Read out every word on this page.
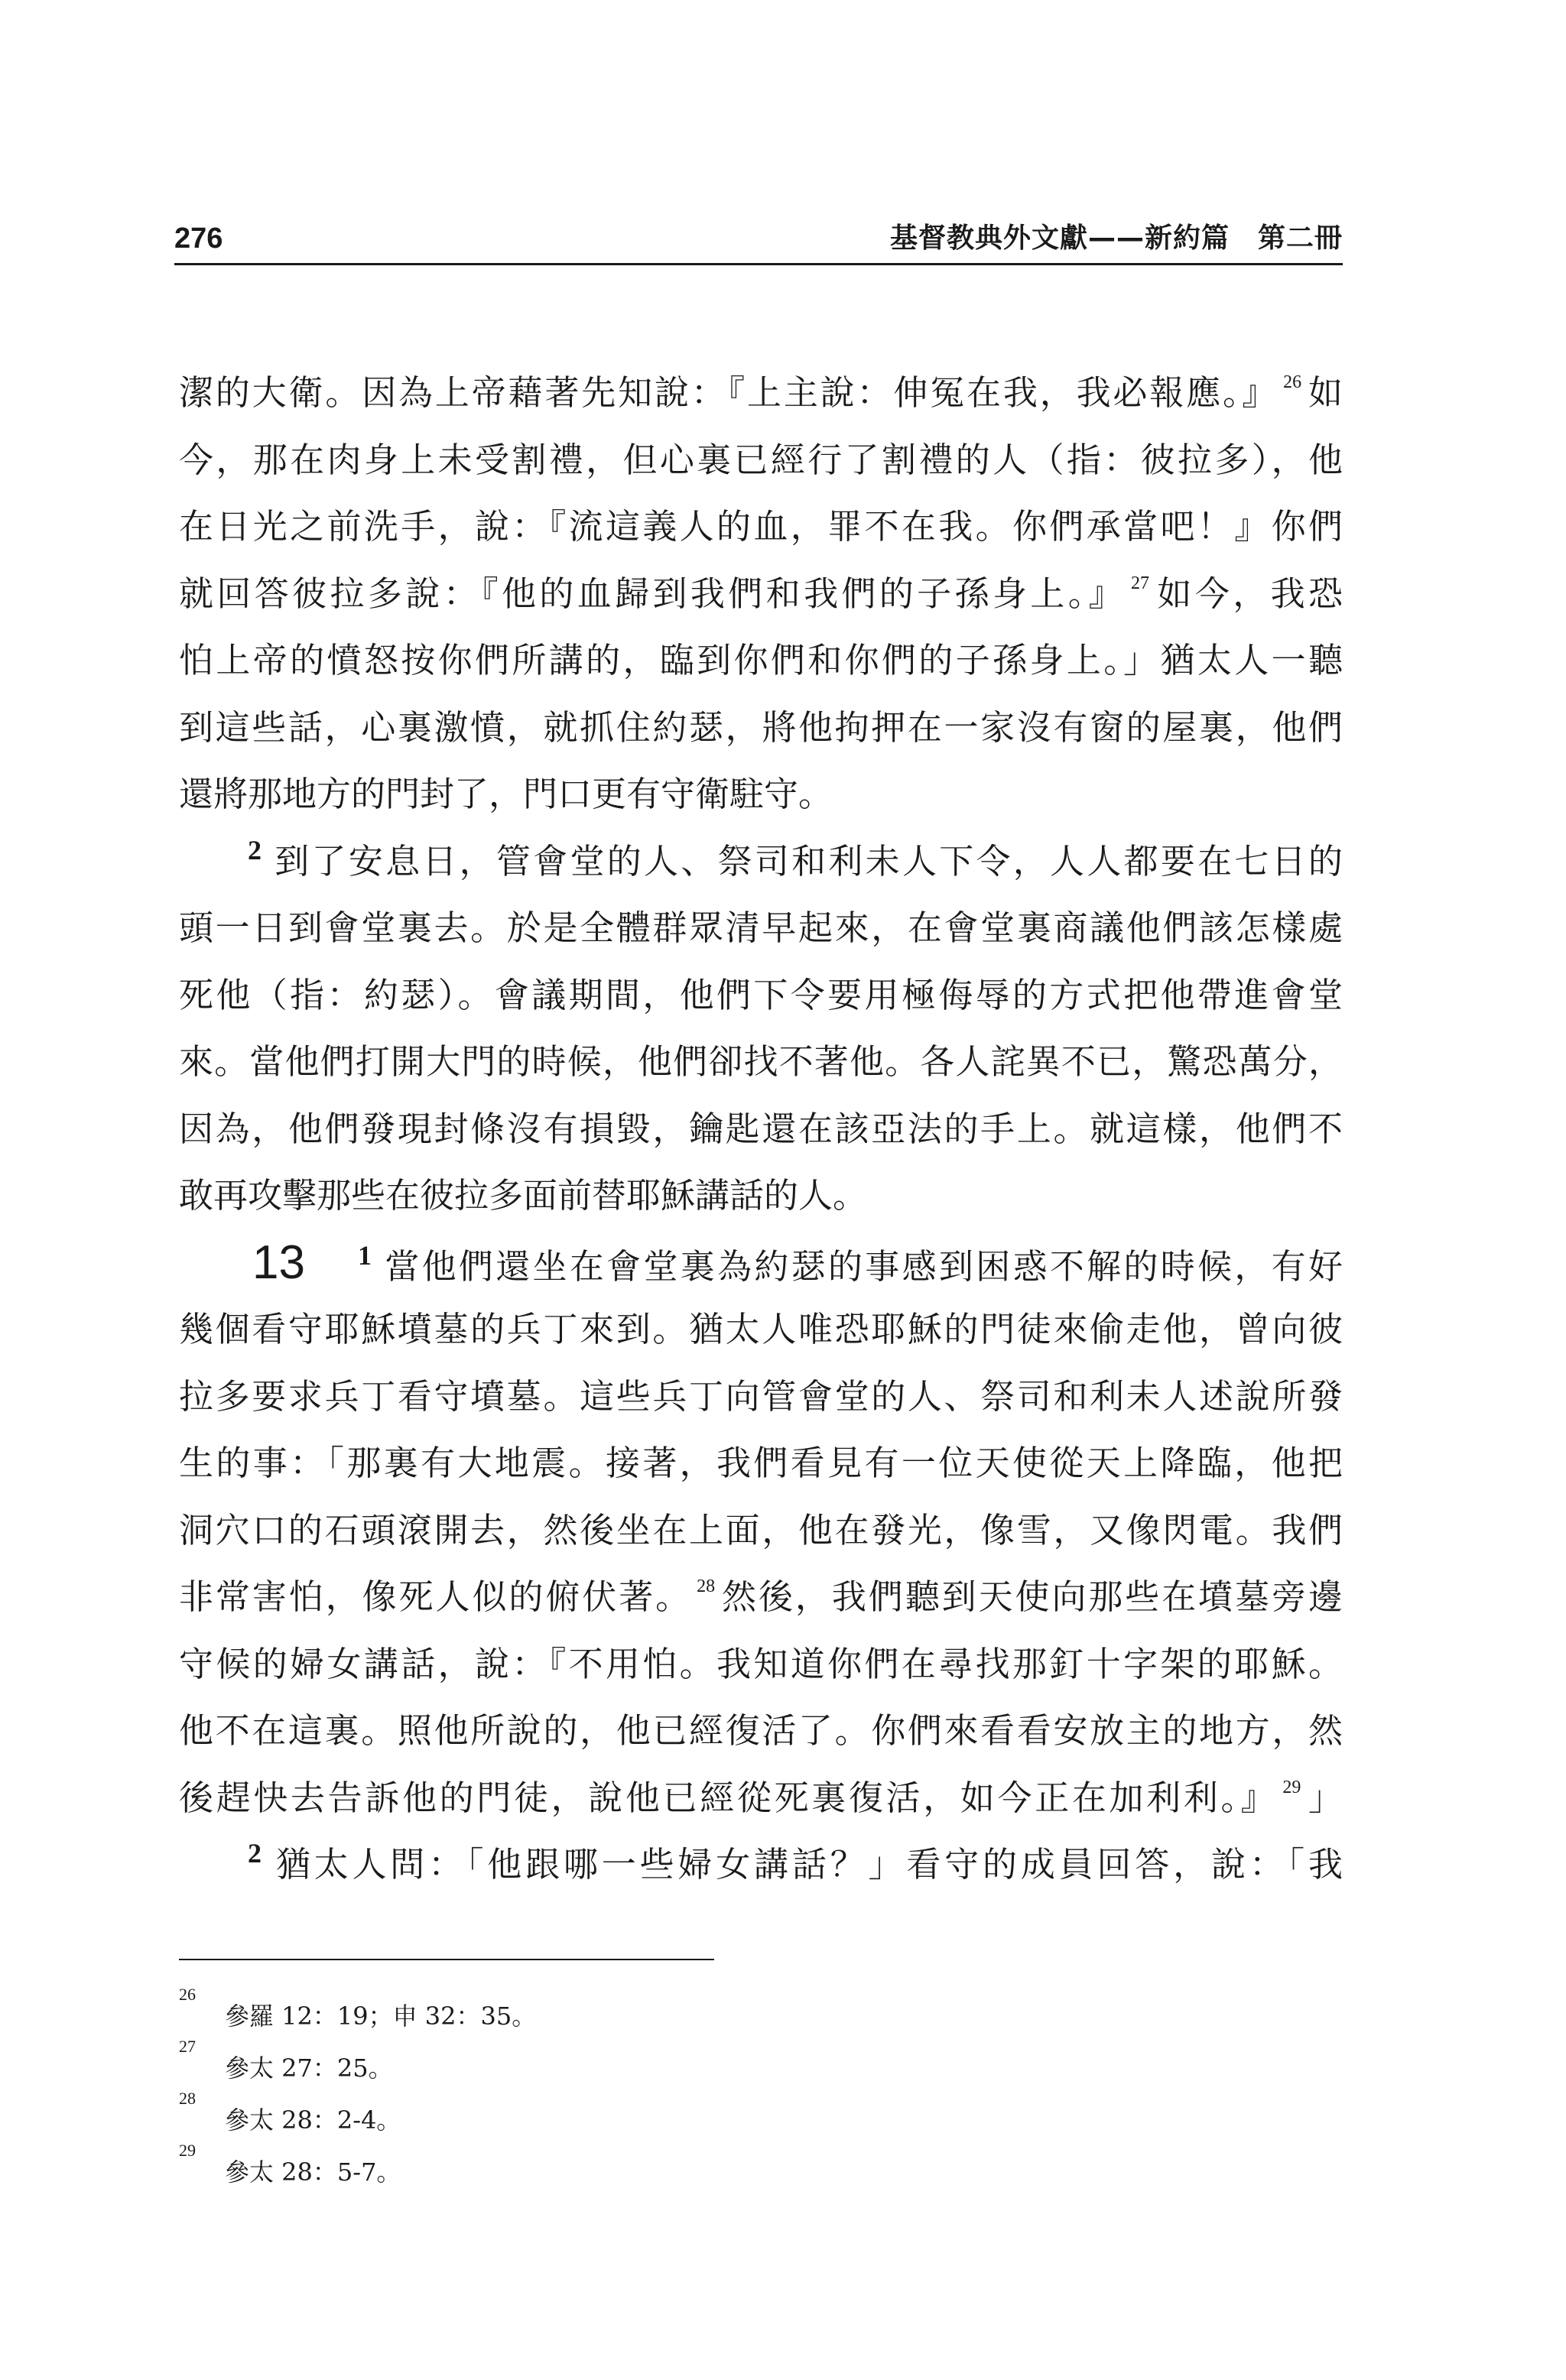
276	基督教典外文獻——新約篇　第二冊
潔的大衛。因為上帝藉著先知說：『上主說：伸冤在我，我必報應。』 $^{26}$ 如
今，那在肉身上未受割禮，但心裏已經行了割禮的人（指：彼拉多），他
在日光之前洗手，說：『流這義人的血，罪不在我。你們承當吧！』你們
就回答彼拉多說：『他的血歸到我們和我們的子孫身上。』 $^{27}$ 如今，我恐
怕上帝的憤怒按你們所講的，臨到你們和你們的子孫身上。」猶太人一聽
到這些話，心裏激憤，就抓住約瑟，將他拘押在一家沒有窗的屋裏，他們
還將那地方的門封了，門口更有守衛駐守。
$^2$ 到了安息日，管會堂的人、祭司和利未人下令，人人都要在七日的
頭一日到會堂裏去。於是全體群眾清早起來，在會堂裏商議他們該怎樣處
死他（指：約瑟）。會議期間，他們下令要用極侮辱的方式把他帶進會堂
來。當他們打開大門的時候，他們卻找不著他。各人詫異不已，驚恐萬分，
因為，他們發現封條沒有損毀，鑰匙還在該亞法的手上。就這樣，他們不
敢再攻擊那些在彼拉多面前替耶穌講話的人。
13 $^1$ 當他們還坐在會堂裏為約瑟的事感到困惑不解的時候，有好
幾個看守耶穌墳墓的兵丁來到。猶太人唯恐耶穌的門徒來偷走他，曾向彼
拉多要求兵丁看守墳墓。這些兵丁向管會堂的人、祭司和利未人述說所發
生的事：「那裏有大地震。接著，我們看見有一位天使從天上降臨，他把
洞穴口的石頭滾開去，然後坐在上面，他在發光，像雪，又像閃電。我們
非常害怕，像死人似的俯伏著。 $^{28}$ 然後，我們聽到天使向那些在墳墓旁邊
守候的婦女講話，說：『不用怕。我知道你們在尋找那釘十字架的耶穌。
他不在這裏。照他所說的，他已經復活了。你們來看看安放主的地方，然
後趕快去告訴他的門徒，說他已經從死裏復活，如今正在加利利。』 $^{29}$ 」
$^2$ 猶太人問：「他跟哪一些婦女講話？」看守的成員回答，說：「我
26
參羅 12：19；申 32：35。
27
參太 27：25。
28
參太 28：2-4。
29
參太 28：5-7。
